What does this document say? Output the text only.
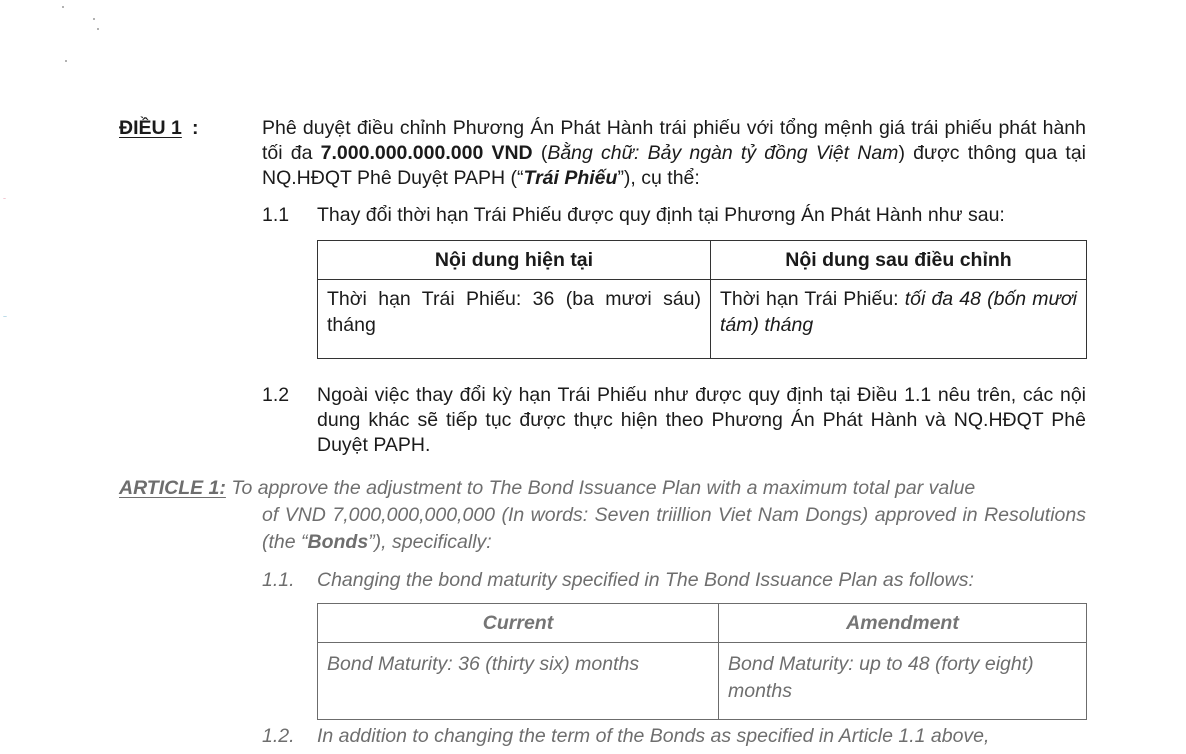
ĐIỀU 1 :	Phê duyệt điều chỉnh Phương Án Phát Hành trái phiếu với tổng mệnh giá trái phiếu phát hành tối đa 7.000.000.000.000 VND (Bằng chữ: Bảy ngàn tỷ đồng Việt Nam) được thông qua tại NQ.HĐQT Phê Duyệt PAPH (“Trái Phiếu”), cụ thể:

1.1 Thay đổi thời hạn Trái Phiếu được quy định tại Phương Án Phát Hành như sau:
Nội dung hiện tại	Nội dung sau điều chỉnh
Thời hạn Trái Phiếu: 36 (ba mươi sáu) tháng	Thời hạn Trái Phiếu: tối đa 48 (bốn mươi tám) tháng
1.2 Ngoài việc thay đổi kỳ hạn Trái Phiếu như được quy định tại Điều 1.1 nêu trên, các nội dung khác sẽ tiếp tục được thực hiện theo Phương Án Phát Hành và NQ.HĐQT Phê Duyệt PAPH.

ARTICLE 1: To approve the adjustment to The Bond Issuance Plan with a maximum total par value
of VND 7,000,000,000,000 (In words: Seven triillion Viet Nam Dongs) approved in Resolutions (the “Bonds”), specifically:

1.1. Changing the bond maturity specified in The Bond Issuance Plan as follows:
Current	Amendment
Bond Maturity: 36 (thirty six) months	Bond Maturity: up to 48 (forty eight) months
1.2. In addition to changing the term of the Bonds as specified in Article 1.1 above,
